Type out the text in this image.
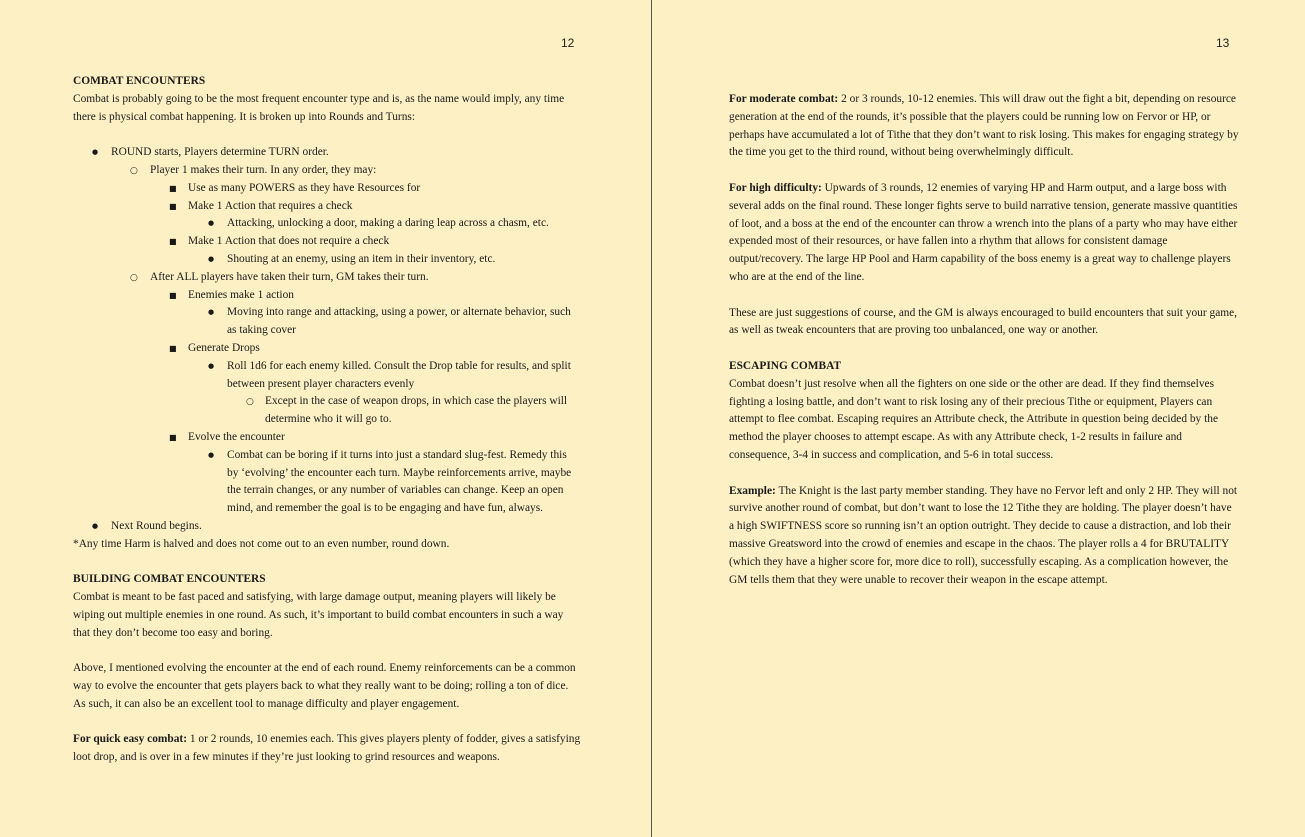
12

COMBAT ENCOUNTERS

Combat is probably going to be the most frequent encounter type and is, as the name would imply, any time there is physical combat happening. It is broken up into Rounds and Turns:

●
ROUND starts, Players determine TURN order.
○
Player 1 makes their turn. In any order, they may:
■
Use as many POWERS as they have Resources for
■
Make 1 Action that requires a check
●
Attacking, unlocking a door, making a daring leap across a chasm, etc.
■
Make 1 Action that does not require a check
●
Shouting at an enemy, using an item in their inventory, etc.
○
After ALL players have taken their turn, GM takes their turn.
■
Enemies make 1 action
●
Moving into range and attacking, using a power, or alternate behavior, such as taking cover
■
Generate Drops
●
Roll 1d6 for each enemy killed. Consult the Drop table for results, and split between present player characters evenly
○
Except in the case of weapon drops, in which case the players will determine who it will go to.
■
Evolve the encounter
●
Combat can be boring if it turns into just a standard slug-fest. Remedy this by ‘evolving’ the encounter each turn. Maybe reinforcements arrive, maybe the terrain changes, or any number of variables can change. Keep an open mind, and remember the goal is to be engaging and have fun, always.
●
Next Round begins.

*Any time Harm is halved and does not come out to an even number, round down.

BUILDING COMBAT ENCOUNTERS

Combat is meant to be fast paced and satisfying, with large damage output, meaning players will likely be wiping out multiple enemies in one round. As such, it’s important to build combat encounters in such a way that they don’t become too easy and boring.

Above, I mentioned evolving the encounter at the end of each round. Enemy reinforcements can be a common way to evolve the encounter that gets players back to what they really want to be doing; rolling a ton of dice. As such, it can also be an excellent tool to manage difficulty and player engagement.

For quick easy combat: 1 or 2 rounds, 10 enemies each. This gives players plenty of fodder, gives a satisfying loot drop, and is over in a few minutes if they’re just looking to grind resources and weapons.

13

For moderate combat: 2 or 3 rounds, 10-12 enemies. This will draw out the fight a bit, depending on resource generation at the end of the rounds, it’s possible that the players could be running low on Fervor or HP, or perhaps have accumulated a lot of Tithe that they don’t want to risk losing. This makes for engaging strategy by the time you get to the third round, without being overwhelmingly difficult.

For high difficulty: Upwards of 3 rounds, 12 enemies of varying HP and Harm output, and a large boss with several adds on the final round. These longer fights serve to build narrative tension, generate massive quantities of loot, and a boss at the end of the encounter can throw a wrench into the plans of a party who may have either expended most of their resources, or have fallen into a rhythm that allows for consistent damage output/recovery. The large HP Pool and Harm capability of the boss enemy is a great way to challenge players who are at the end of the line.

These are just suggestions of course, and the GM is always encouraged to build encounters that suit your game, as well as tweak encounters that are proving too unbalanced, one way or another.

ESCAPING COMBAT

Combat doesn’t just resolve when all the fighters on one side or the other are dead. If they find themselves fighting a losing battle, and don’t want to risk losing any of their precious Tithe or equipment, Players can attempt to flee combat. Escaping requires an Attribute check, the Attribute in question being decided by the method the player chooses to attempt escape. As with any Attribute check, 1-2 results in failure and consequence, 3-4 in success and complication, and 5-6 in total success.

Example: The Knight is the last party member standing. They have no Fervor left and only 2 HP. They will not survive another round of combat, but don’t want to lose the 12 Tithe they are holding. The player doesn’t have a high SWIFTNESS score so running isn’t an option outright. They decide to cause a distraction, and lob their massive Greatsword into the crowd of enemies and escape in the chaos. The player rolls a 4 for BRUTALITY (which they have a higher score for, more dice to roll), successfully escaping. As a complication however, the GM tells them that they were unable to recover their weapon in the escape attempt.
